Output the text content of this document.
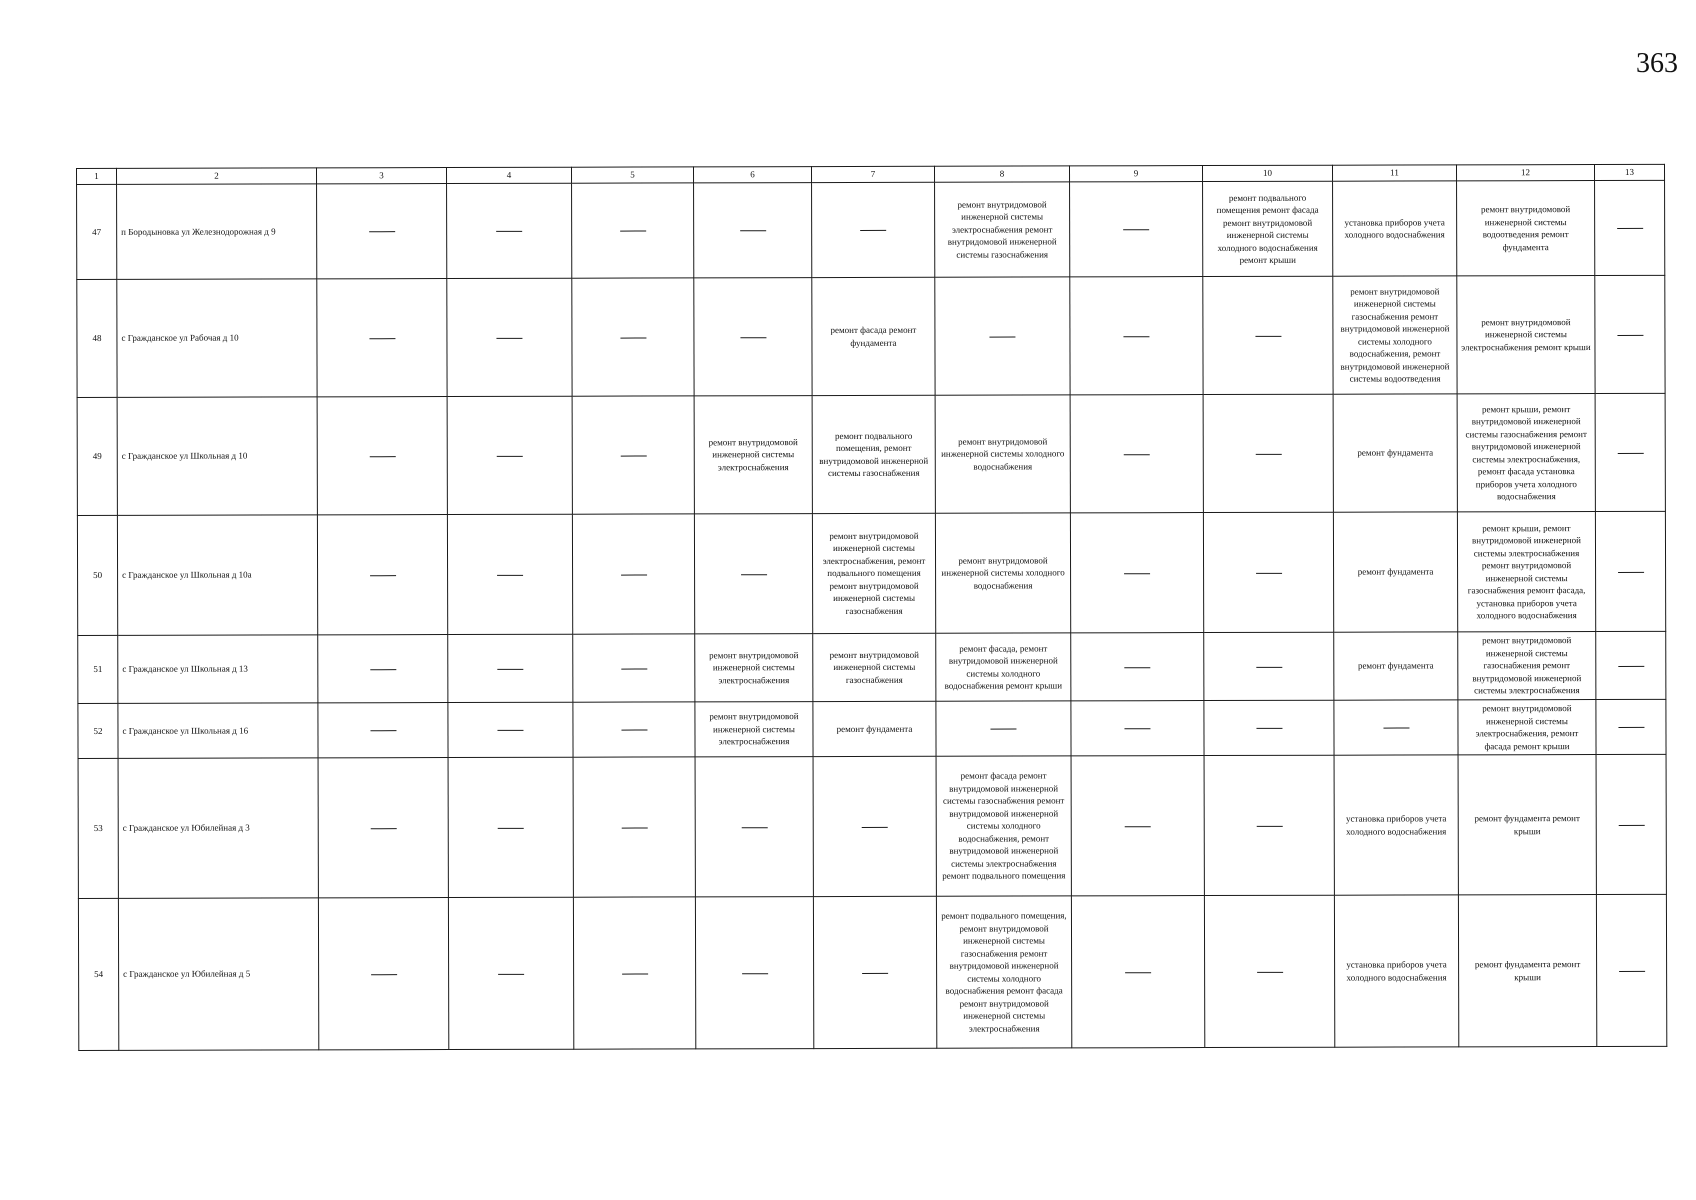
363
1	2	3	4	5	6	7	8	9	10	11	12	13
47	п Бородыновка ул Железнодорожная д 9						ремонт внутридомовой инженерной системы электроснабжения ремонт внутридомовой инженерной системы газоснабжения		ремонт подвального помещения ремонт фасада ремонт внутридомовой инженерной системы холодного водоснабжения ремонт крыши	установка приборов учета холодного водоснабжения	ремонт внутридомовой инженерной системы водоотведения ремонт фундамента	
48	с Гражданское ул Рабочая д 10					ремонт фасада ремонт фундамента				ремонт внутридомовой инженерной системы газоснабжения ремонт внутридомовой инженерной системы холодного водоснабжения, ремонт внутридомовой инженерной системы водоотведения	ремонт внутридомовой инженерной системы электроснабжения ремонт крыши	
49	с Гражданское ул Школьная д 10				ремонт внутридомовой инженерной системы электроснабжения	ремонт подвального помещения, ремонт внутридомовой инженерной системы газоснабжения	ремонт внутридомовой инженерной системы холодного водоснабжения			ремонт фундамента	ремонт крыши, ремонт внутридомовой инженерной системы газоснабжения ремонт внутридомовой инженерной системы электроснабжения, ремонт фасада установка приборов учета холодного водоснабжения	
50	с Гражданское ул Школьная д 10а					ремонт внутридомовой инженерной системы электроснабжения, ремонт подвального помещения ремонт внутридомовой инженерной системы газоснабжения	ремонт внутридомовой инженерной системы холодного водоснабжения			ремонт фундамента	ремонт крыши, ремонт внутридомовой инженерной системы электроснабжения ремонт внутридомовой инженерной системы газоснабжения ремонт фасада, установка приборов учета холодного водоснабжения	
51	с Гражданское ул Школьная д 13				ремонт внутридомовой инженерной системы электроснабжения	ремонт внутридомовой инженерной системы газоснабжения	ремонт фасада, ремонт внутридомовой инженерной системы холодного водоснабжения ремонт крыши			ремонт фундамента	ремонт внутридомовой инженерной системы газоснабжения ремонт внутридомовой инженерной системы электроснабжения	
52	с Гражданское ул Школьная д 16				ремонт внутридомовой инженерной системы электроснабжения	ремонт фундамента					ремонт внутридомовой инженерной системы электроснабжения, ремонт фасада ремонт крыши	
53	с Гражданское ул Юбилейная д 3						ремонт фасада ремонт внутридомовой инженерной системы газоснабжения ремонт внутридомовой инженерной системы холодного водоснабжения, ремонт внутридомовой инженерной системы электроснабжения ремонт подвального помещения			установка приборов учета холодного водоснабжения	ремонт фундамента ремонт крыши	
54	с Гражданское ул Юбилейная д 5						ремонт подвального помещения, ремонт внутридомовой инженерной системы газоснабжения ремонт внутридомовой инженерной системы холодного водоснабжения ремонт фасада ремонт внутридомовой инженерной системы электроснабжения			установка приборов учета холодного водоснабжения	ремонт фундамента ремонт крыши	
